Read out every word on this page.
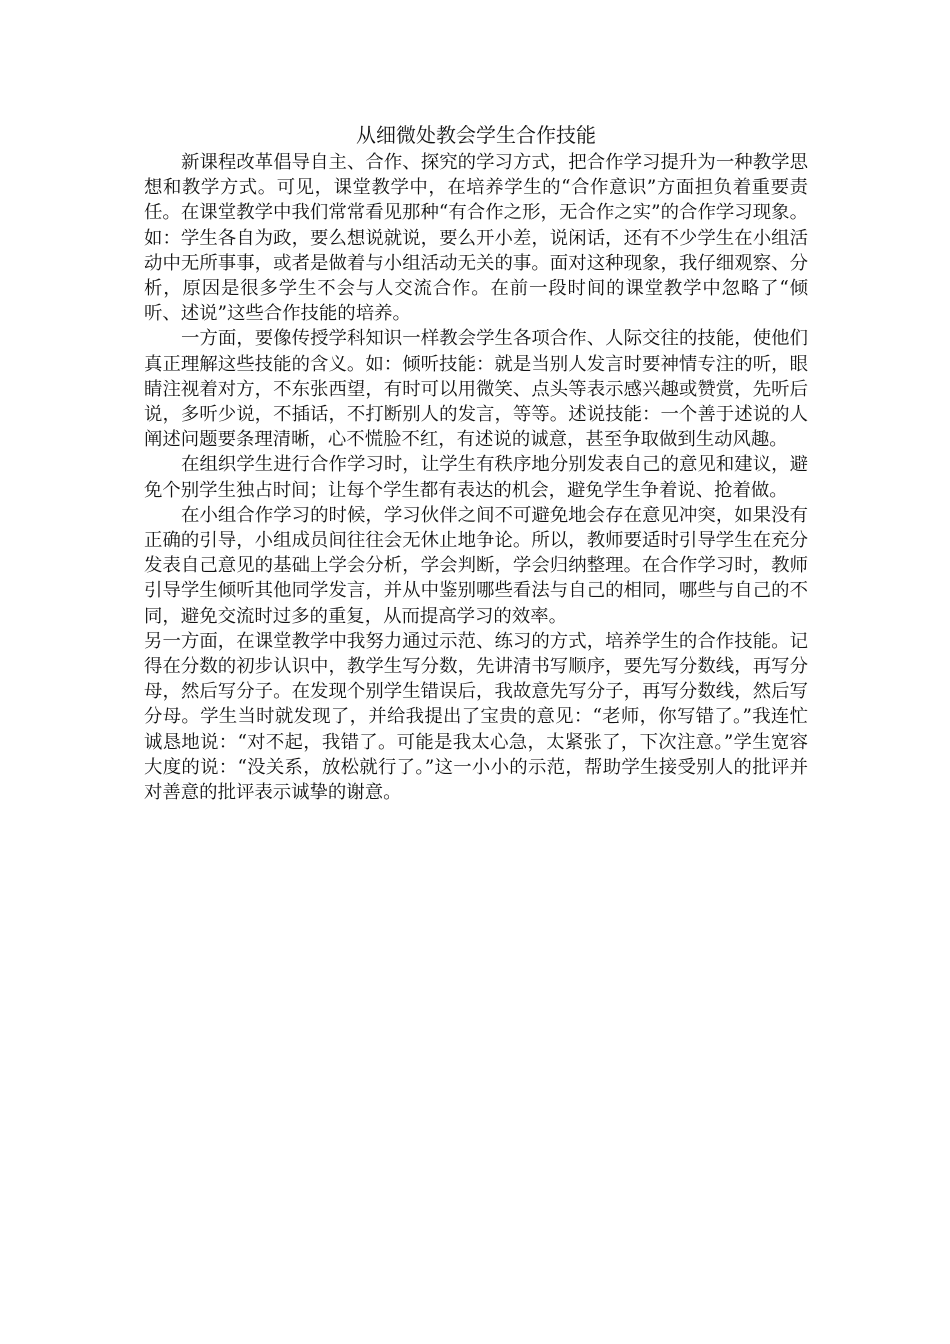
从细微处教会学生合作技能

新课程改革倡导自主、合作、探究的学习方式，把合作学习提升为一种教学思想和教学方式。可见，课堂教学中，在培养学生的“合作意识”方面担负着重要责任。在课堂教学中我们常常看见那种“有合作之形，无合作之实”的合作学习现象。如：学生各自为政，要么想说就说，要么开小差，说闲话，还有不少学生在小组活动中无所事事，或者是做着与小组活动无关的事。面对这种现象，我仔细观察、分析，原因是很多学生不会与人交流合作。在前一段时间的课堂教学中忽略了“倾听、述说”这些合作技能的培养。

一方面，要像传授学科知识一样教会学生各项合作、人际交往的技能，使他们真正理解这些技能的含义。如：倾听技能：就是当别人发言时要神情专注的听，眼睛注视着对方，不东张西望，有时可以用微笑、点头等表示感兴趣或赞赏，先听后说，多听少说，不插话，不打断别人的发言，等等。述说技能：一个善于述说的人阐述问题要条理清晰，心不慌脸不红，有述说的诚意，甚至争取做到生动风趣。

在组织学生进行合作学习时，让学生有秩序地分别发表自己的意见和建议，避免个别学生独占时间；让每个学生都有表达的机会，避免学生争着说、抢着做。

在小组合作学习的时候，学习伙伴之间不可避免地会存在意见冲突，如果没有正确的引导，小组成员间往往会无休止地争论。所以，教师要适时引导学生在充分发表自己意见的基础上学会分析，学会判断，学会归纳整理。在合作学习时，教师引导学生倾听其他同学发言，并从中鉴别哪些看法与自己的相同，哪些与自己的不同，避免交流时过多的重复，从而提高学习的效率。

另一方面，在课堂教学中我努力通过示范、练习的方式，培养学生的合作技能。记得在分数的初步认识中，教学生写分数，先讲清书写顺序，要先写分数线，再写分母，然后写分子。在发现个别学生错误后，我故意先写分子，再写分数线，然后写分母。学生当时就发现了，并给我提出了宝贵的意见：“老师，你写错了。”我连忙诚恳地说：“对不起，我错了。可能是我太心急，太紧张了，下次注意。”学生宽容大度的说：“没关系，放松就行了。”这一小小的示范，帮助学生接受别人的批评并对善意的批评表示诚挚的谢意。
